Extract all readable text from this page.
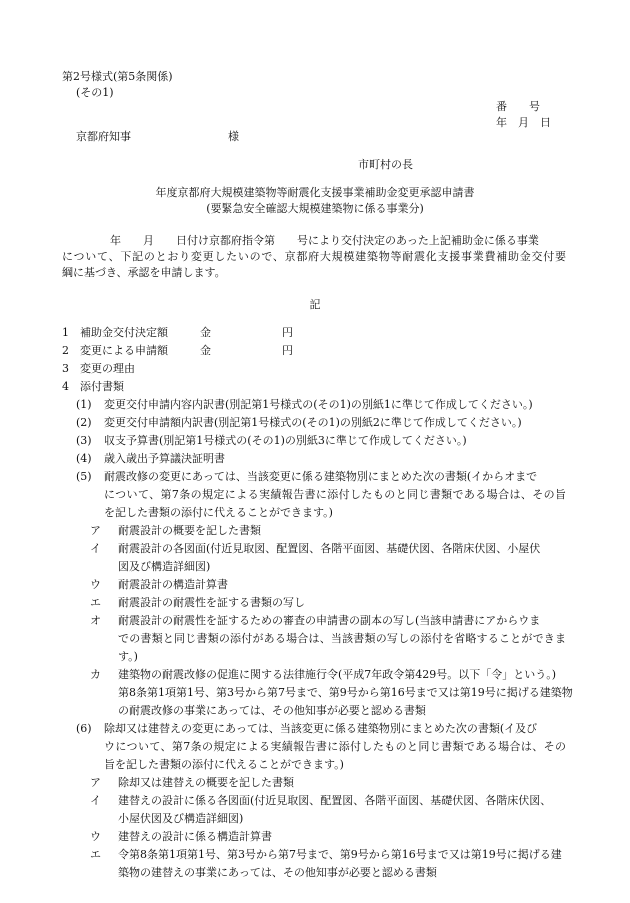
第2号様式(第5条関係)
(その1)
番　　号
年　月　日
京都府知事	様
市町村の長
年度京都府大規模建築物等耐震化支援事業補助金変更承認申請書
(要緊急安全確認大規模建築物に係る事業分)
年　　月　　日付け京都府指令第　　号により交付決定のあった上記補助金に係る事業
について、下記のとおり変更したいので、京都府大規模建築物等耐震化支援事業費補助金交付要
綱に基づき、承認を申請します。
記
1 補助金交付決定額	金	円
2 変更による申請額	金	円
3 変更の理由
4 添付書類
(1) 変更交付申請内容内訳書(別記第1号様式の(その1)の別紙1に準じて作成してください。)
(2) 変更交付申請額内訳書(別記第1号様式の(その1)の別紙2に準じて作成してください。)
(3) 収支予算書(別記第1号様式の(その1)の別紙3に準じて作成してください。)
(4) 歳入歳出予算議決証明書
(5) 耐震改修の変更にあっては、当該変更に係る建築物別にまとめた次の書類(イからオまで
について、第7条の規定による実績報告書に添付したものと同じ書類である場合は、その旨
を記した書類の添付に代えることができます。)
ア 耐震設計の概要を記した書類
イ 耐震設計の各図面(付近見取図、配置図、各階平面図、基礎伏図、各階床伏図、小屋伏
図及び構造詳細図)
ウ 耐震設計の構造計算書
エ 耐震設計の耐震性を証する書類の写し
オ 耐震設計の耐震性を証するための審査の申請書の副本の写し(当該申請書にアからウま
での書類と同じ書類の添付がある場合は、当該書類の写しの添付を省略することができま
す。)
カ 建築物の耐震改修の促進に関する法律施行令(平成7年政令第429号。以下「令」という。)
第8条第1項第1号、第3号から第7号まで、第9号から第16号まで又は第19号に掲げる建築物
の耐震改修の事業にあっては、その他知事が必要と認める書類
(6) 除却又は建替えの変更にあっては、当該変更に係る建築物別にまとめた次の書類(イ及び
ウについて、第7条の規定による実績報告書に添付したものと同じ書類である場合は、その
旨を記した書類の添付に代えることができます。)
ア 除却又は建替えの概要を記した書類
イ 建替えの設計に係る各図面(付近見取図、配置図、各階平面図、基礎伏図、各階床伏図、
小屋伏図及び構造詳細図)
ウ 建替えの設計に係る構造計算書
エ 令第8条第1項第1号、第3号から第7号まで、第9号から第16号まで又は第19号に掲げる建
築物の建替えの事業にあっては、その他知事が必要と認める書類
